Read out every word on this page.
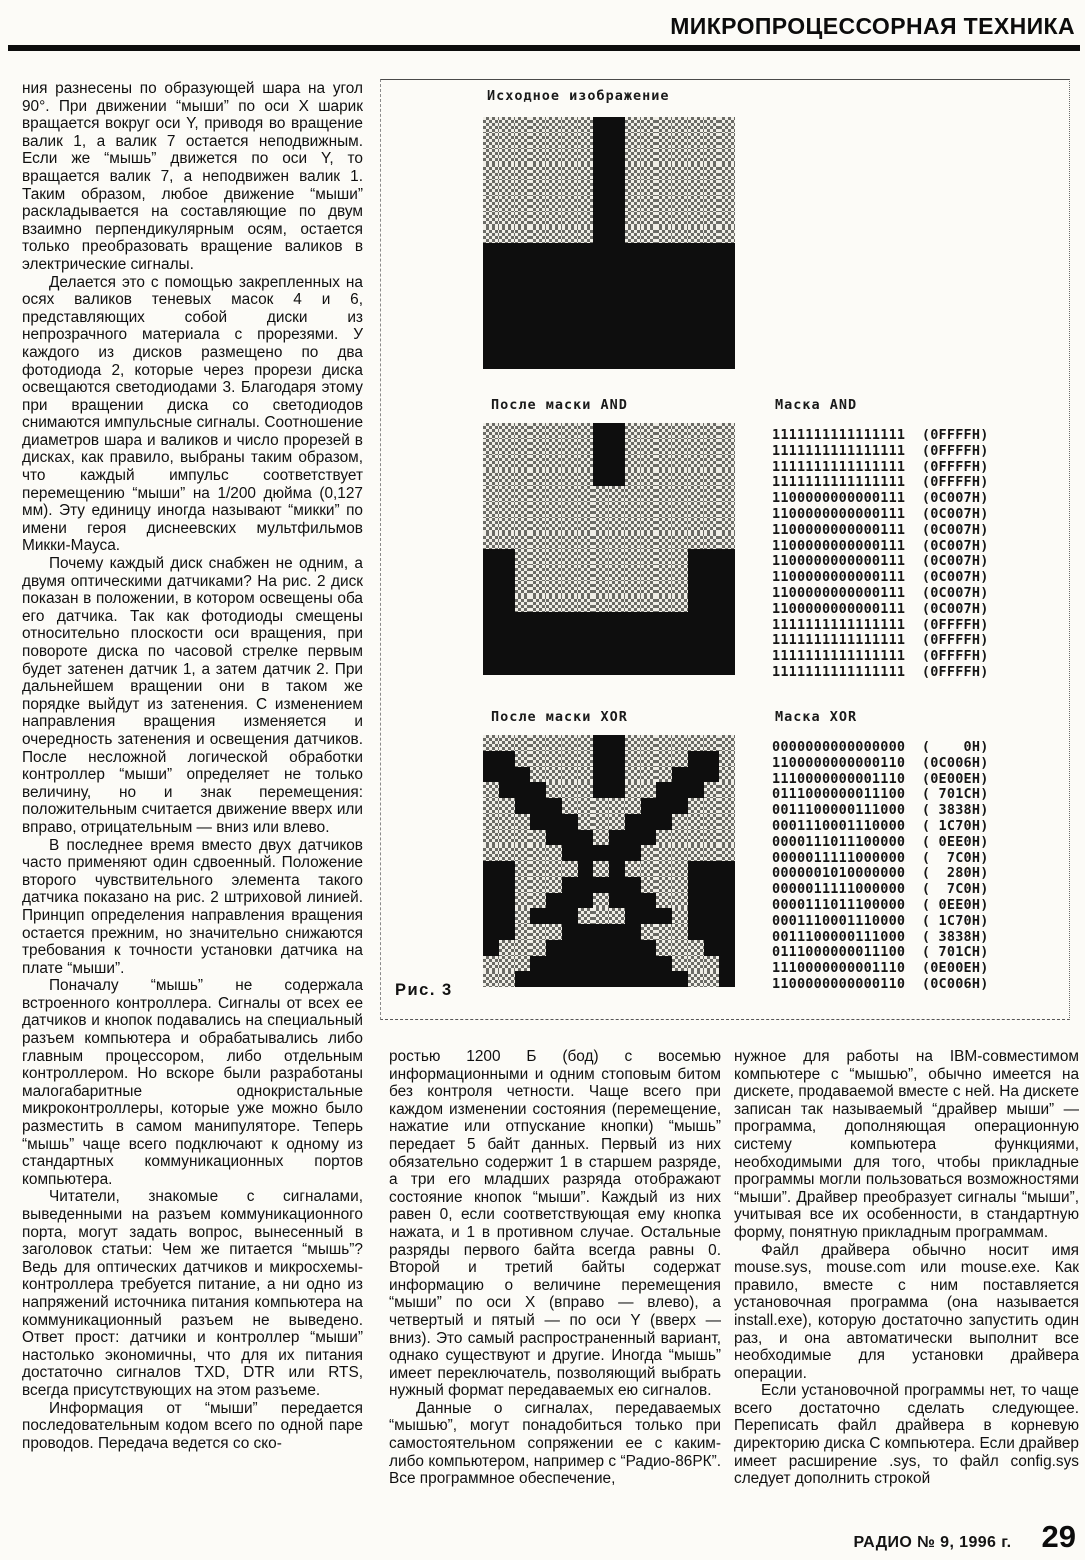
МИКРОПРОЦЕССОРНАЯ ТЕХНИКА

ния разнесены по образующей шара на угол 90°. При движении “мыши” по оси X шарик вращается вокруг оси Y, приводя во вращение валик 1, а валик 7 остается неподвижным. Если же “мышь” движется по оси Y, то вращается валик 7, а неподвижен валик 1. Таким образом, любое движение “мыши” раскладывается на составляющие по двум взаимно перпендикулярным осям, остается только преобразовать вращение валиков в электрические сигналы.

Делается это с помощью закрепленных на осях валиков теневых масок 4 и 6, представляющих собой диски из непрозрачного материала с прорезями. У каждого из дисков размещено по два фотодиода 2, которые через прорези диска освещаются светодиодами 3. Благодаря этому при вращении диска со светодиодов снимаются импульсные сигналы. Соотношение диаметров шара и валиков и число прорезей в дисках, как правило, выбраны таким образом, что каждый импульс соответствует перемещению “мыши” на 1/200 дюйма (0,127 мм). Эту единицу иногда называют “микки” по имени героя диснеевских мультфильмов Микки-Мауса.

Почему каждый диск снабжен не одним, а двумя оптическими датчиками? На рис. 2 диск показан в положении, в котором освещены оба его датчика. Так как фотодиоды смещены относительно плоскости оси вращения, при повороте диска по часовой стрелке первым будет затенен датчик 1, а затем датчик 2. При дальнейшем вращении они в таком же порядке выйдут из затенения. С изменением направления вращения изменяется и очередность затенения и освещения датчиков. После несложной логической обработки контроллер “мыши” определяет не только величину, но и знак перемещения: положительным считается движение вверх или вправо, отрицательным — вниз или влево.

В последнее время вместо двух датчиков часто применяют один сдвоенный. Положение второго чувствительного элемента такого датчика показано на рис. 2 штриховой линией. Принцип определения направления вращения остается прежним, но значительно снижаются требования к точности установки датчика на плате “мыши”.

Поначалу “мышь” не содержала встроенного контроллера. Сигналы от всех ее датчиков и кнопок подавались на специальный разъем компьютера и обрабатывались либо главным процессором, либо отдельным контроллером. Но вскоре были разработаны малогабаритные однокристальные микроконтроллеры, которые уже можно было разместить в самом манипуляторе. Теперь “мышь” чаще всего подключают к одному из стандартных коммуникационных портов компьютера.

Читатели, знакомые с сигналами, выведенными на разъем коммуникационного порта, могут задать вопрос, вынесенный в заголовок статьи: Чем же питается “мышь”? Ведь для оптических датчиков и микросхемы-контроллера требуется питание, а ни одно из напряжений источника питания компьютера на коммуникационный разъем не выведено. Ответ прост: датчики и контроллер “мыши” настолько экономичны, что для их питания достаточно сигналов TXD, DTR или RTS, всегда присутствующих на этом разъеме.

Информация от “мыши” передается последовательным кодом всего по одной паре проводов. Передача ведется со ско-

Исходное изображение
После маски AND	Маска AND
1111111111111111  (0FFFFH)
1111111111111111  (0FFFFH)
1111111111111111  (0FFFFH)
1111111111111111  (0FFFFH)
1100000000000111  (0C007H)
1100000000000111  (0C007H)
1100000000000111  (0C007H)
1100000000000111  (0C007H)
1100000000000111  (0C007H)
1100000000000111  (0C007H)
1100000000000111  (0C007H)
1100000000000111  (0C007H)
1111111111111111  (0FFFFH)
1111111111111111  (0FFFFH)
1111111111111111  (0FFFFH)
1111111111111111  (0FFFFH)
После маски XOR	Маска XOR
0000000000000000  (    0H)
1100000000000110  (0C006H)
1110000000001110  (0E00EH)
0111000000011100  ( 701CH)
0011100000111000  ( 3838H)
0001110001110000  ( 1C70H)
0000111011100000  ( 0EE0H)
0000011111000000  (  7C0H)
0000001010000000  (  280H)
0000011111000000  (  7C0H)
0000111011100000  ( 0EE0H)
0001110001110000  ( 1C70H)
0011100000111000  ( 3838H)
0111000000011100  ( 701CH)
1110000000001110  (0E00EH)
1100000000000110  (0C006H)
Рис. 3

ростью 1200 Б (бод) с восемью информационными и одним стоповым битом без контроля четности. Чаще всего при каждом изменении состояния (перемещение, нажатие или отпускание кнопки) “мышь” передает 5 байт данных. Первый из них обязательно содержит 1 в старшем разряде, а три его младших разряда отображают состояние кнопок “мыши”. Каждый из них равен 0, если соответствующая ему кнопка нажата, и 1 в противном случае. Остальные разряды первого байта всегда равны 0. Второй и третий байты содержат информацию о величине перемещения “мыши” по оси X (вправо — влево), а четвертый и пятый — по оси Y (вверх — вниз). Это самый распространенный вариант, однако существуют и другие. Иногда “мышь” имеет переключатель, позволяющий выбрать нужный формат передаваемых ею сигналов.

Данные о сигналах, передаваемых “мышью”, могут понадобиться только при самостоятельном сопряжении ее с каким-либо компьютером, например с “Радио-86РК”. Все программное обеспечение,

нужное для работы на IBM-совместимом компьютере с “мышью”, обычно имеется на дискете, продаваемой вместе с ней. На дискете записан так называемый “драйвер мыши” — программа, дополняющая операционную систему компьютера функциями, необходимыми для того, чтобы прикладные программы могли пользоваться возможностями “мыши”. Драйвер преобразует сигналы “мыши”, учитывая все их особенности, в стандартную форму, понятную прикладным программам.

Файл драйвера обычно носит имя mouse.sys, mouse.com или mouse.exe. Как правило, вместе с ним поставляется установочная программа (она называется install.exe), которую достаточно запустить один раз, и она автоматически выполнит все необходимые для установки драйвера операции.

Если установочной программы нет, то чаще всего достаточно сделать следующее. Переписать файл драйвера в корневую директорию диска С компьютера. Если драйвер имеет расширение .sys, то файл config.sys следует дополнить строкой

РАДИО № 9, 1996 г. 29
